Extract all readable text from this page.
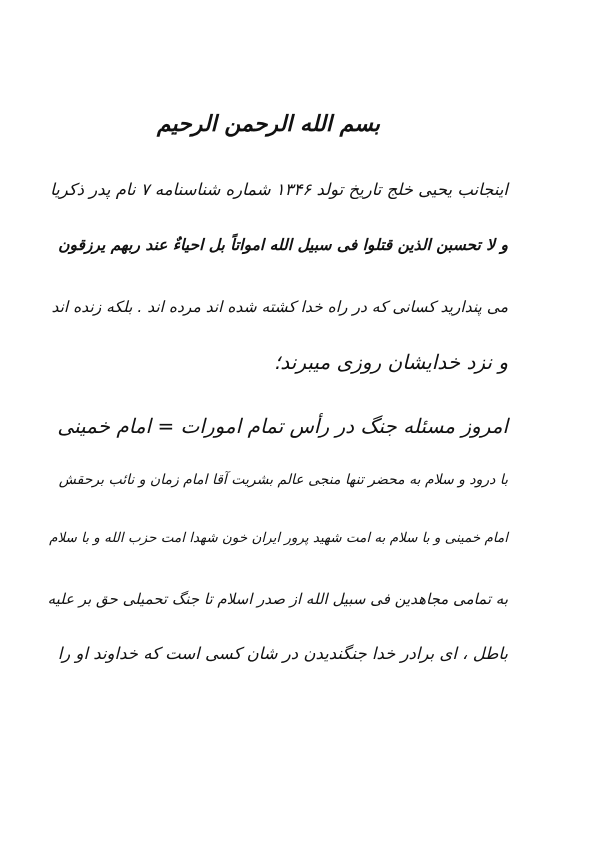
بسم الله الرحمن الرحیم
اینجانب یحیی خلج تاریخ تولد ۱۳۴۶ شماره شناسنامه ۷ نام پدر ذکریا
و لا تحسبن الذین قتلوا فی سبیل الله امواتاً بل احیاءٌ عند ربهم یرزقون
می پندارید کسانی که در راه خدا کشته شده اند مرده اند . بلکه زنده اند
و نزد خدایشان روزی میبرند؛
امروز مسئله جنگ در رأس تمام امورات = امام خمینی
با درود و سلام به محضر تنها منجی عالم بشریت آقا امام زمان و نائب برحقش
امام خمینی و با سلام به امت شهید پرور ایران خون شهدا امت حزب الله و با سلام
به تمامی مجاهدین فی سبیل الله از صدر اسلام تا جنگ تحمیلی حق بر علیه
باطل ، ای برادر خدا جنگندیدن در شان کسی است که خداوند او را
